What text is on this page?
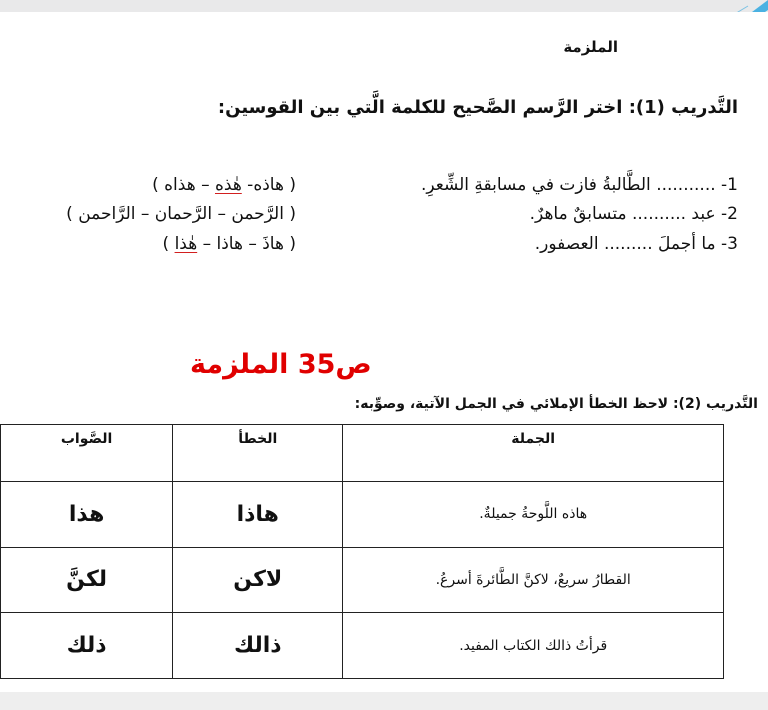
الملزمة
التَّدريب (1): اختر الرَّسم الصَّحيح للكلمة الَّتي بين القوسين:
1- ........... الطَّالبةُ فازت في مسابقةِ الشِّعرِ.
( هاذه- هٰذه – هذاه )
2- عبد .......... متسابقٌ ماهرٌ.
( الرَّحمن – الرَّحمان – الرَّاحمن )
3- ما أجملَ ......... العصفور.
( هاذَ – هاذا – هٰذا )
ص35 الملزمة
التَّدريب (2): لاحظ الخطأ الإملائي في الجمل الآتية، وصوِّبه:
الجملة	الخطأ	الصَّواب
هاذه اللَّوحةُ جميلةٌ.	هاذا	هذا
القطارُ سريعٌ، لاكنَّ الطَّائرةَ أسرعُ.	لاكن	لكنَّ
قرأتُ ذالك الكتاب المفيد.	ذالك	ذلك
